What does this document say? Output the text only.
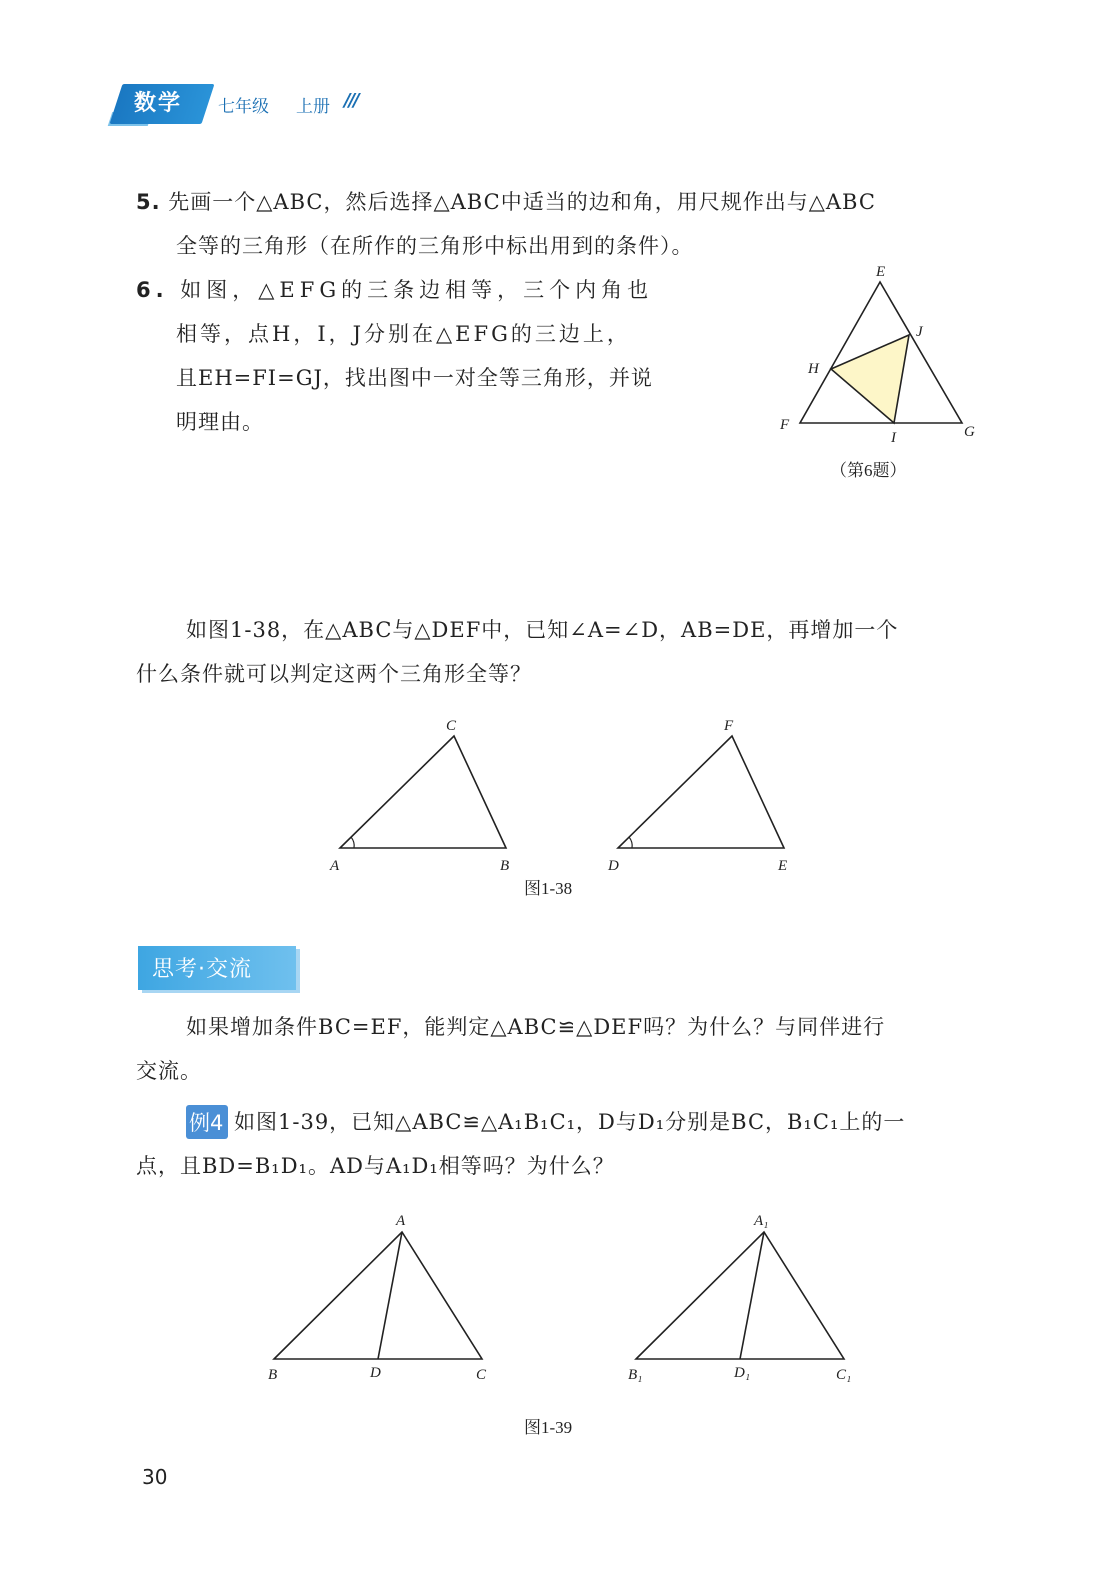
数学 七年级 上册 ///
5. 先画一个△ABC，然后选择△ABC中适当的边和角，用尺规作出与△ABC
全等的三角形（在所作的三角形中标出用到的条件）。
6. 如图，△EFG的三条边相等，三个内角也
相等，点H，I，J分别在△EFG的三边上，
且EH=FI=GJ，找出图中一对全等三角形，并说
明理由。
E
F	G
H
I
J
（第6题）
如图1-38，在△ABC与△DEF中，已知∠A=∠D，AB=DE，再增加一个
什么条件就可以判定这两个三角形全等？
A	B
C
D	E
F
图1-38
思考·交流
如果增加条件BC=EF，能判定△ABC≌△DEF吗？为什么？与同伴进行
交流。
例4 如图1-39，已知△ABC≌△A₁B₁C₁，D与D₁分别是BC，B₁C₁上的一
点，且BD=B₁D₁。AD与A₁D₁相等吗？为什么？
A
B	D	C
A₁
B₁	D₁	C₁
图1-39
30
